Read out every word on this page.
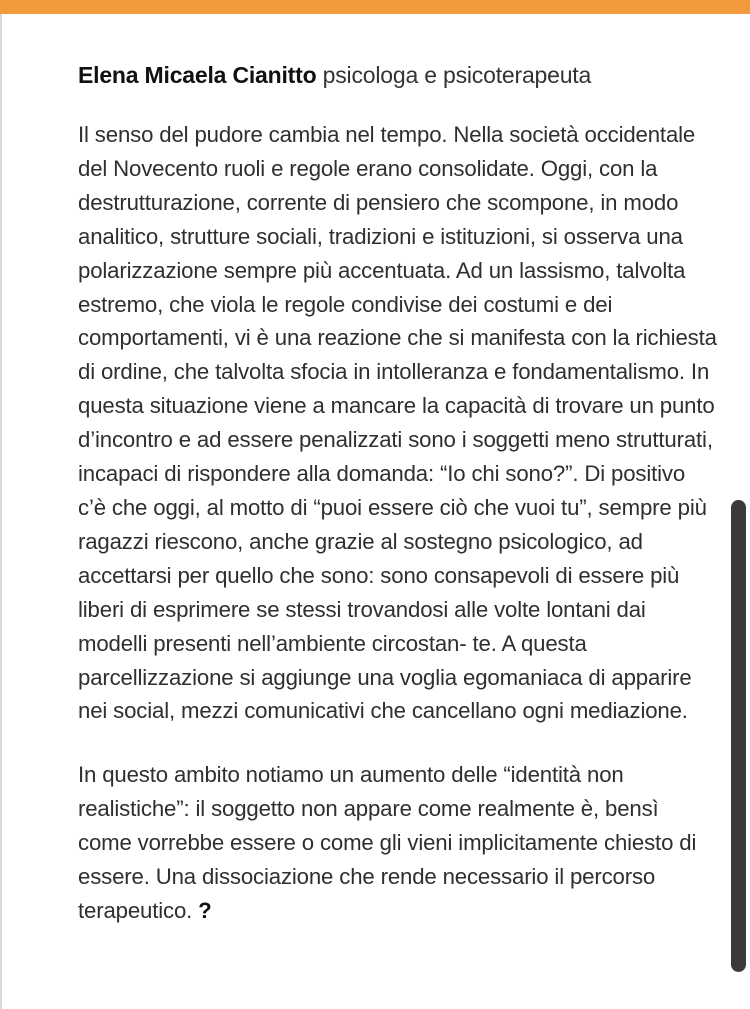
Elena Micaela Cianitto psicologa e psicoterapeuta

Il senso del pudore cambia nel tempo. Nella società occidentale del Novecento ruoli e regole erano consolidate. Oggi, con la destrutturazione, corrente di pensiero che scompone, in modo analitico, strutture sociali, tradizioni e istituzioni, si osserva una polarizzazione sempre più accentuata. Ad un lassismo, talvolta estremo, che viola le regole condivise dei costumi e dei comportamenti, vi è una reazione che si manifesta con la richiesta di ordine, che talvolta sfocia in intolleranza e fondamentalismo. In questa situazione viene a mancare la capacità di trovare un punto d’incontro e ad essere penalizzati sono i soggetti meno strutturati, incapaci di rispondere alla domanda: “Io chi sono?”. Di positivo c’è che oggi, al motto di “puoi essere ciò che vuoi tu”, sempre più ragazzi riescono, anche grazie al sostegno psicologico, ad accettarsi per quello che sono: sono consapevoli di essere più liberi di esprimere se stessi trovandosi alle volte lontani dai modelli presenti nell’ambiente circostan- te. A questa parcellizzazione si aggiunge una voglia egomaniaca di apparire nei social, mezzi comunicativi che cancellano ogni mediazione.

In questo ambito notiamo un aumento delle “identità non realistiche”: il soggetto non appare come realmente è, bensì come vorrebbe essere o come gli vieni implicitamente chiesto di essere. Una dissociazione che rende necessario il percorso terapeutico. ?
